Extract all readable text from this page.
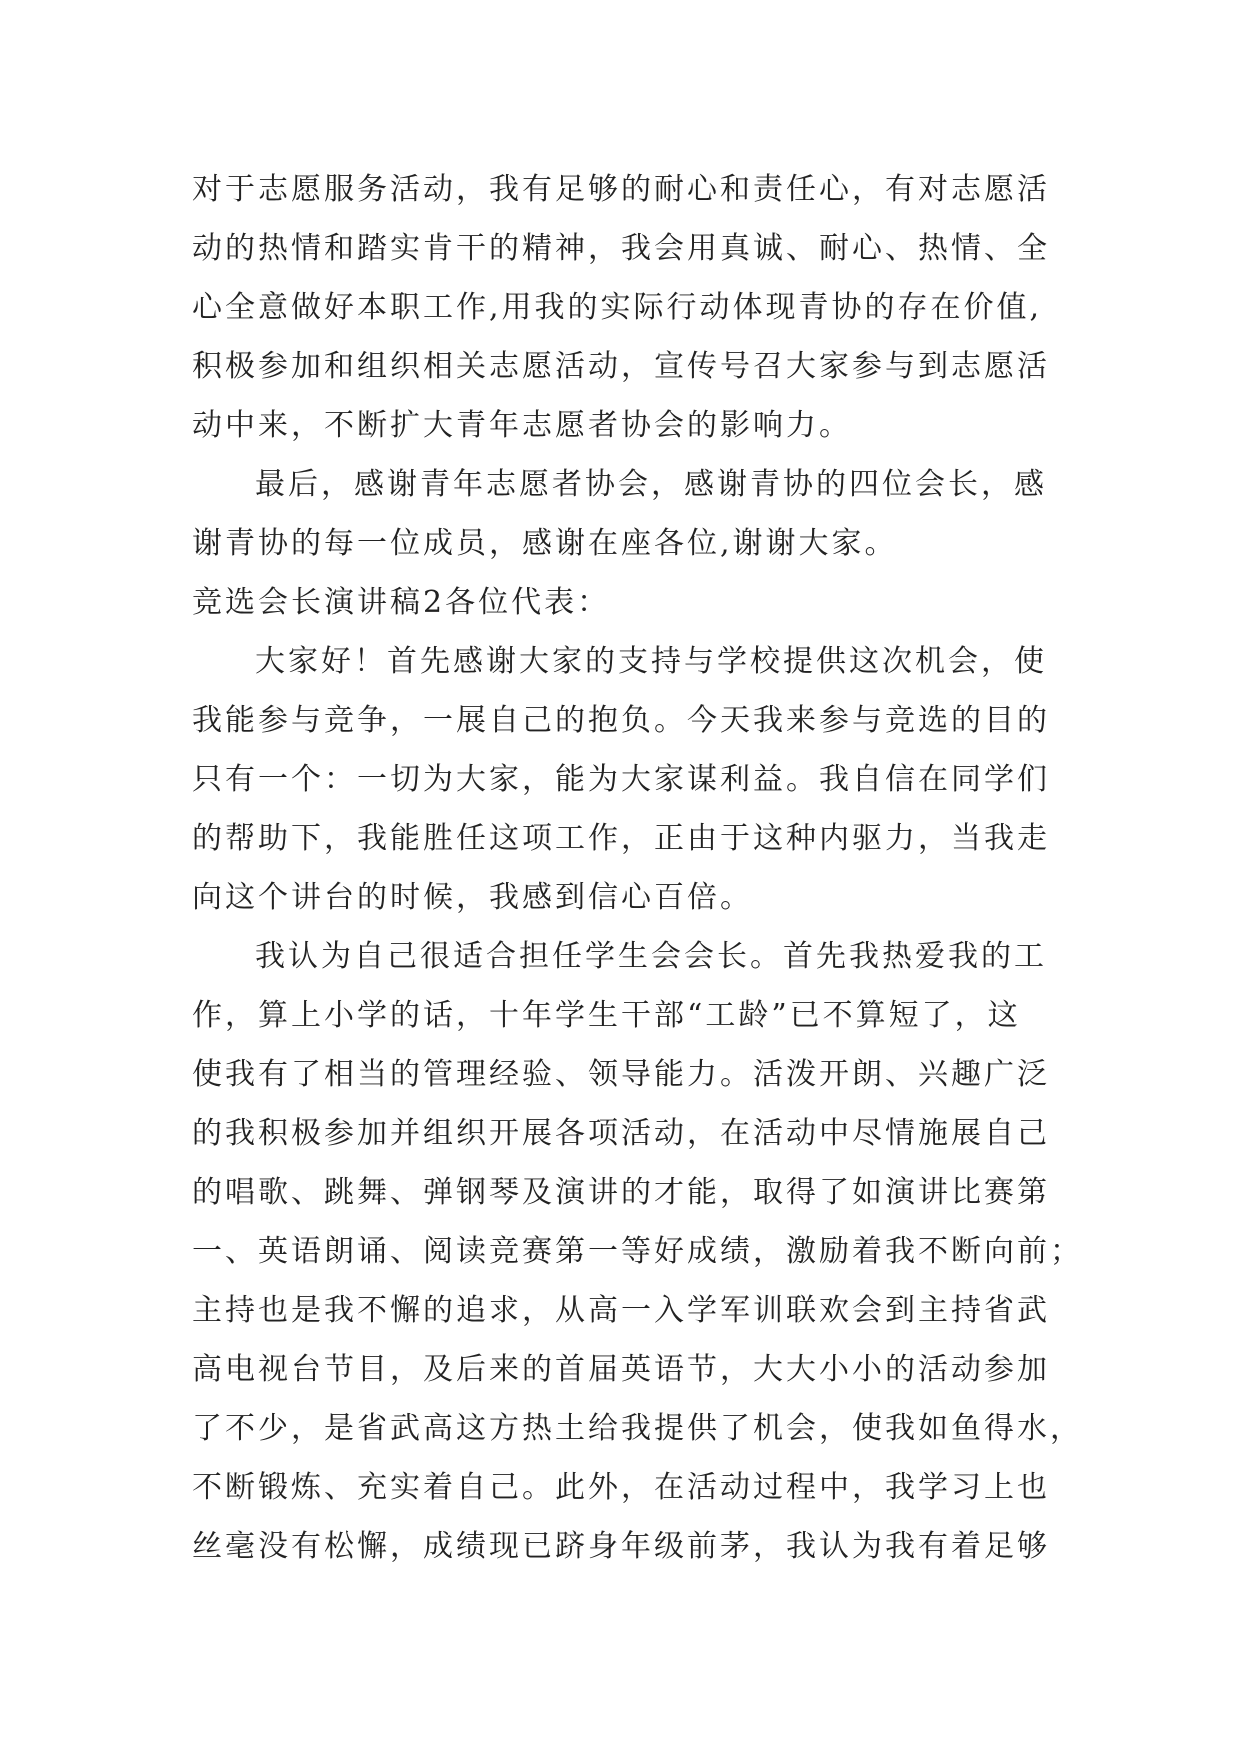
对于志愿服务活动，我有足够的耐心和责任心，有对志愿活
动的热情和踏实肯干的精神，我会用真诚、耐心、热情、全
心全意做好本职工作,用我的实际行动体现青协的存在价值,
积极参加和组织相关志愿活动，宣传号召大家参与到志愿活
动中来，不断扩大青年志愿者协会的影响力。
最后，感谢青年志愿者协会，感谢青协的四位会长，感
谢青协的每一位成员，感谢在座各位,谢谢大家。
竞选会长演讲稿2各位代表：
大家好！首先感谢大家的支持与学校提供这次机会，使
我能参与竞争，一展自己的抱负。今天我来参与竞选的目的
只有一个：一切为大家，能为大家谋利益。我自信在同学们
的帮助下，我能胜任这项工作，正由于这种内驱力，当我走
向这个讲台的时候，我感到信心百倍。
我认为自己很适合担任学生会会长。首先我热爱我的工
作，算上小学的话，十年学生干部“工龄”已不算短了，这
使我有了相当的管理经验、领导能力。活泼开朗、兴趣广泛
的我积极参加并组织开展各项活动，在活动中尽情施展自己
的唱歌、跳舞、弹钢琴及演讲的才能，取得了如演讲比赛第
一、英语朗诵、阅读竞赛第一等好成绩，激励着我不断向前；
主持也是我不懈的追求，从高一入学军训联欢会到主持省武
高电视台节目，及后来的首届英语节，大大小小的活动参加
了不少，是省武高这方热土给我提供了机会，使我如鱼得水，
不断锻炼、充实着自己。此外，在活动过程中，我学习上也
丝毫没有松懈，成绩现已跻身年级前茅，我认为我有着足够
